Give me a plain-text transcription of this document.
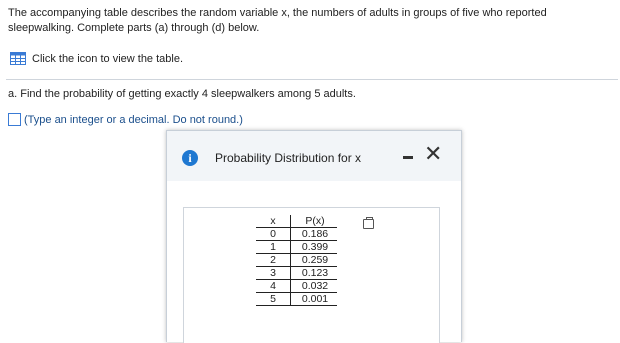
The accompanying table describes the random variable x, the numbers of adults in groups of five who reported sleepwalking. Complete parts (a) through (d) below.
Click the icon to view the table.
a. Find the probability of getting exactly 4 sleepwalkers among 5 adults.
(Type an integer or a decimal. Do not round.)
i	Probability Distribution for x	✕
x	P(x)
0	0.186
1	0.399
2	0.259
3	0.123
4	0.032
5	0.001
